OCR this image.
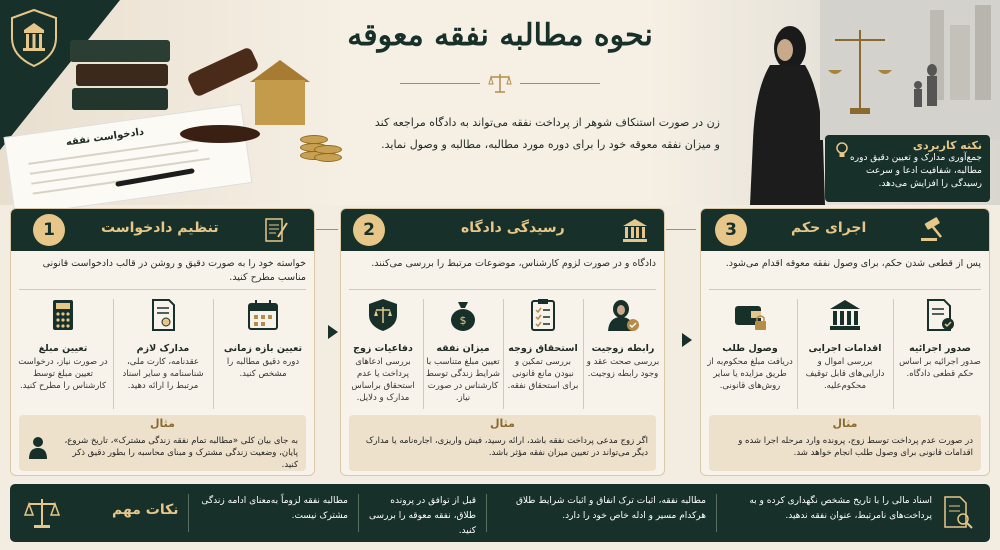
دادخواست نفقه
نحوه مطالبه نفقه معوقه
زن در صورت استنکاف شوهر از پرداخت نفقه می‌تواند به دادگاه مراجعه کند
و میزان نفقه معوقه خود را برای دوره مورد مطالبه، مطالبه و وصول نماید.	نکته کاربردی
جمع‌آوری مدارک و تعیین دقیق دوره مطالبه، شفافیت ادعا و سرعت رسیدگی را افزایش می‌دهد.
1	تنظیم دادخواست
خواسته خود را به صورت دقیق و روشن در قالب دادخواست قانونی مناسب مطرح کنید.
تعیین مبلغ
در صورت نیاز، درخواست تعیین مبلغ توسط کارشناس را مطرح کنید.
مدارک لازم
عقدنامه، کارت ملی، شناسنامه و سایر اسناد مرتبط را ارائه دهید.
تعیین بازه زمانی
دوره دقیق مطالبه را مشخص کنید.
مثال
به جای بیان کلی «مطالبه تمام نفقه زندگی مشترک»، تاریخ شروع، پایان، وضعیت زندگی مشترک و مبنای محاسبه را بطور دقیق ذکر کنید.
2	رسیدگی دادگاه
دادگاه و در صورت لزوم کارشناس، موضوعات مرتبط را بررسی می‌کنند.
دفاعیات زوج
بررسی ادعاهای پرداخت یا عدم استحقاق براساس مدارک و دلایل.
$
میزان نفقه
تعیین مبلغ متناسب با شرایط زندگی توسط کارشناس در صورت نیاز.
استحقاق زوجه
بررسی تمکین و نبودن مانع قانونی برای استحقاق نفقه.
رابطه زوجیت
بررسی صحت عقد و وجود رابطه زوجیت.
مثال
اگر زوج مدعی پرداخت نفقه باشد، ارائه رسید، فیش واریزی، اجاره‌نامه یا مدارک دیگر می‌تواند در تعیین میزان نفقه مؤثر باشد.
3	اجرای حکم
پس از قطعی شدن حکم، برای وصول نفقه معوقه اقدام می‌شود.
وصول طلب
دریافت مبلغ محکوم‌به از طریق مزایده یا سایر روش‌های قانونی.
اقدامات اجرایی
بررسی اموال و دارایی‌های قابل توقیف محکوم‌علیه.
صدور اجرائیه
صدور اجرائیه بر اساس حکم قطعی دادگاه.
مثال
در صورت عدم پرداخت توسط زوج، پرونده وارد مرحله اجرا شده و اقدامات قانونی برای وصول طلب انجام خواهد شد.
نکات مهم
مطالبه نفقه لزوماً به‌معنای ادامه زندگی مشترک نیست.
قبل از توافق در پرونده طلاق، نفقه معوقه را بررسی کنید.
مطالبه نفقه، اثبات ترک انفاق و اثبات شرایط طلاق هرکدام مسیر و ادله خاص خود را دارد.
اسناد مالی را با تاریخ مشخص نگهداری کرده و به پرداخت‌های نامرتبط، عنوان نفقه ندهید.
